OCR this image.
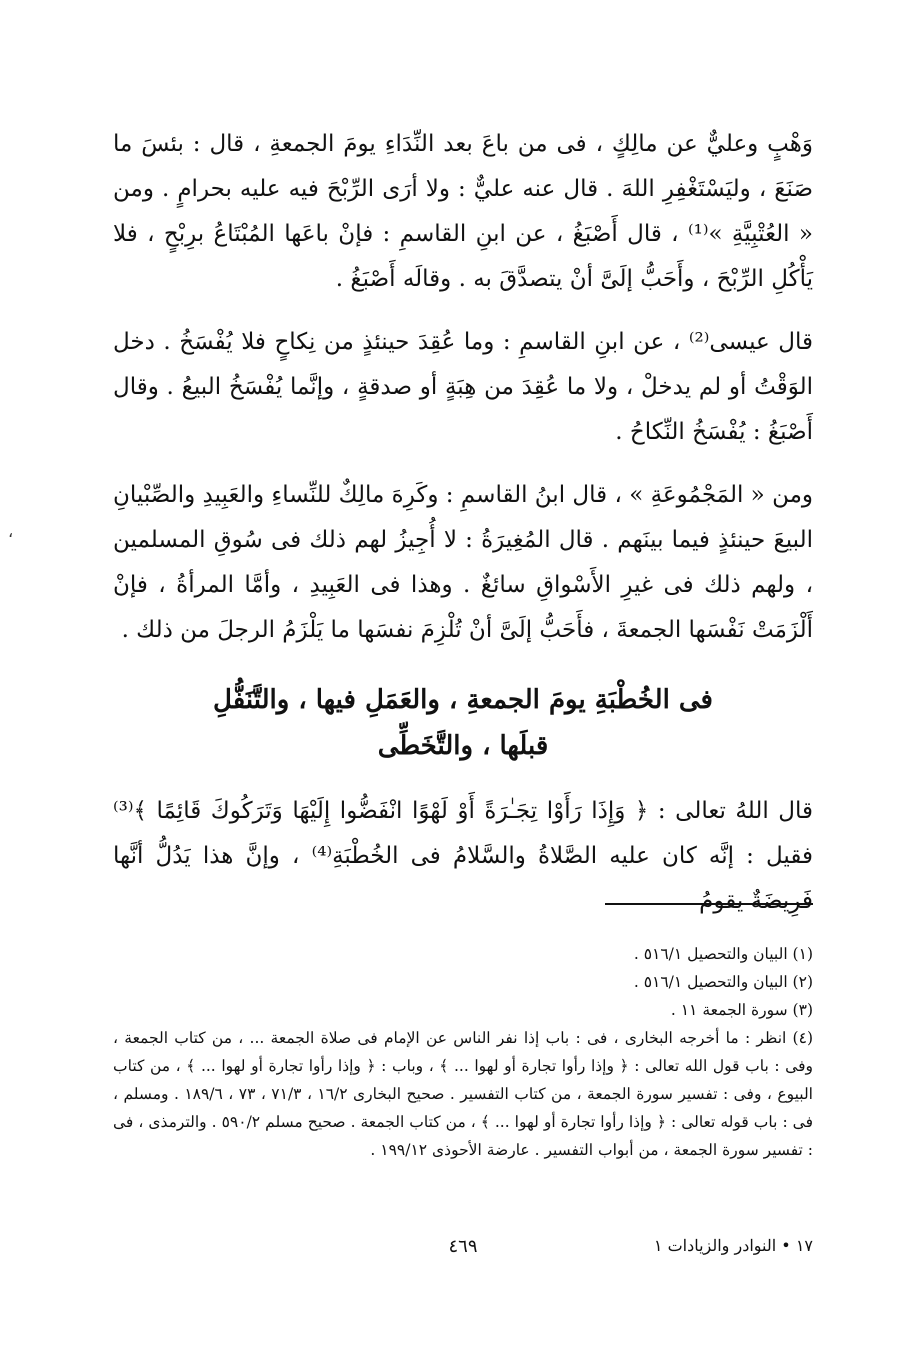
وَهْبٍ وعليٌّ عن مالِكٍ ، فى من باعَ بعد النِّدَاءِ يومَ الجمعةِ ، قال : بئسَ ما صَنَعَ ، وليَسْتَغْفِرِ اللهَ . قال عنه عليٌّ : ولا أرَى الرِّبْحَ فيه عليه بحرامٍ . ومن « العُتْبِيَّةِ »⁽¹⁾ ، قال أَصْبَغُ ، عن ابنِ القاسمِ : فإنْ باعَها المُبْتَاعُ برِبْحٍ ، فلا يَأْكُلِ الرِّبْحَ ، وأَحَبُّ إلَىَّ أنْ يتصدَّقَ به . وقالَه أَصْبَغُ .

قال عيسى⁽²⁾ ، عن ابنِ القاسمِ : وما عُقِدَ حينئذٍ من نِكاحٍ فلا يُفْسَخُ . دخل الوَقْتُ أو لم يدخلْ ، ولا ما عُقِدَ من هِبَةٍ أو صدقةٍ ، وإنَّما يُفْسَخُ البيعُ . وقال أَصْبَغُ : يُفْسَخُ النِّكاحُ .

ومن « المَجْمُوعَةِ » ، قال ابنُ القاسمِ : وكَرِهَ مالِكٌ للنِّساءِ والعَبِيدِ والصِّبْيانِ البيعَ حينئذٍ فيما بينَهم . قال المُغِيرَةُ : لا أُجِيزُ لهم ذلك فى سُوقِ المسلمين ، ولهم ذلك فى غيرِ الأَسْواقِ سائغٌ . وهذا فى العَبِيدِ ، وأمَّا المرأةُ ، فإنْ أَلْزَمَتْ نَفْسَها الجمعةَ ، فأَحَبُّ إلَىَّ أنْ تُلْزِمَ نفسَها ما يَلْزَمُ الرجلَ من ذلك .

فى الخُطْبَةِ يومَ الجمعةِ ، والعَمَلِ فيها ، والتَّنَفُّلِ
قبلَها ، والتَّخَطِّى

قال اللهُ تعالى : ﴿ وَإِذَا رَأَوْا تِجَـٰرَةً أَوْ لَهْوًا انْفَضُّوا إِلَيْهَا وَتَرَكُوكَ قَائِمًا ﴾⁽³⁾ فقيل : إنَّه كان عليه الصَّلاةُ والسَّلامُ فى الخُطْبَةِ⁽⁴⁾ ، وإنَّ هذا يَدُلُّ أنَّها فَرِيضَةٌ يقومُ

(١) البيان والتحصيل ٥١٦/١ .

(٢) البيان والتحصيل ٥١٦/١ .

(٣) سورة الجمعة ١١ .

(٤) انظر : ما أخرجه البخارى ، فى : باب إذا نفر الناس عن الإمام فى صلاة الجمعة ... ، من كتاب الجمعة ، وفى : باب قول الله تعالى : ﴿ وإذا رأوا تجارة أو لهوا ... ﴾ ، وباب : ﴿ وإذا رأوا تجارة أو لهوا ... ﴾ ، من كتاب البيوع ، وفى : تفسير سورة الجمعة ، من كتاب التفسير . صحيح البخارى ١٦/٢ ، ٧١/٣ ، ٧٣ ، ١٨٩/٦ . ومسلم ، فى : باب قوله تعالى : ﴿ وإذا رأوا تجارة أو لهوا ... ﴾ ، من كتاب الجمعة . صحيح مسلم ٥٩٠/٢ . والترمذى ، فى : تفسير سورة الجمعة ، من أبواب التفسير . عارضة الأحوذى ١٩٩/١٢ .

١٧ • النوادر والزيادات ١
٤٦٩
،
